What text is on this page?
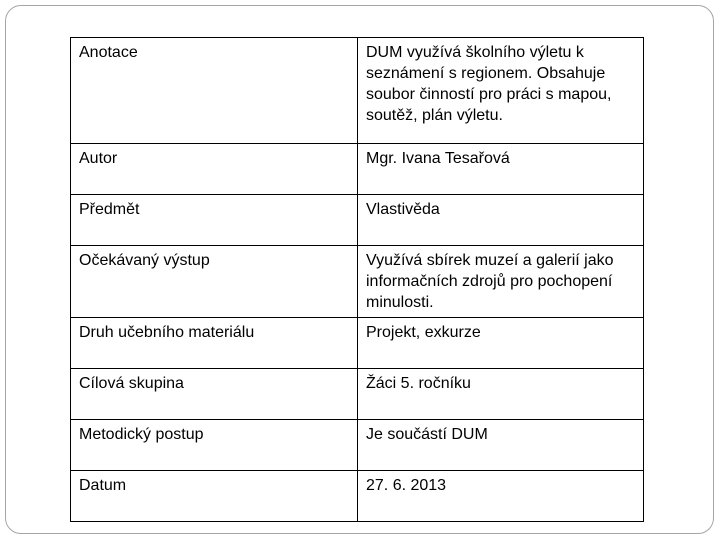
Anotace	DUM využívá školního výletu k seznámení s regionem. Obsahuje soubor činností pro práci s mapou, soutěž, plán výletu.
Autor	Mgr. Ivana Tesařová
Předmět	Vlastivěda
Očekávaný výstup	Využívá sbírek muzeí a galerií jako informačních zdrojů pro pochopení minulosti.
Druh učebního materiálu	Projekt, exkurze
Cílová skupina	Žáci 5. ročníku
Metodický postup	Je součástí DUM
Datum	27. 6. 2013
